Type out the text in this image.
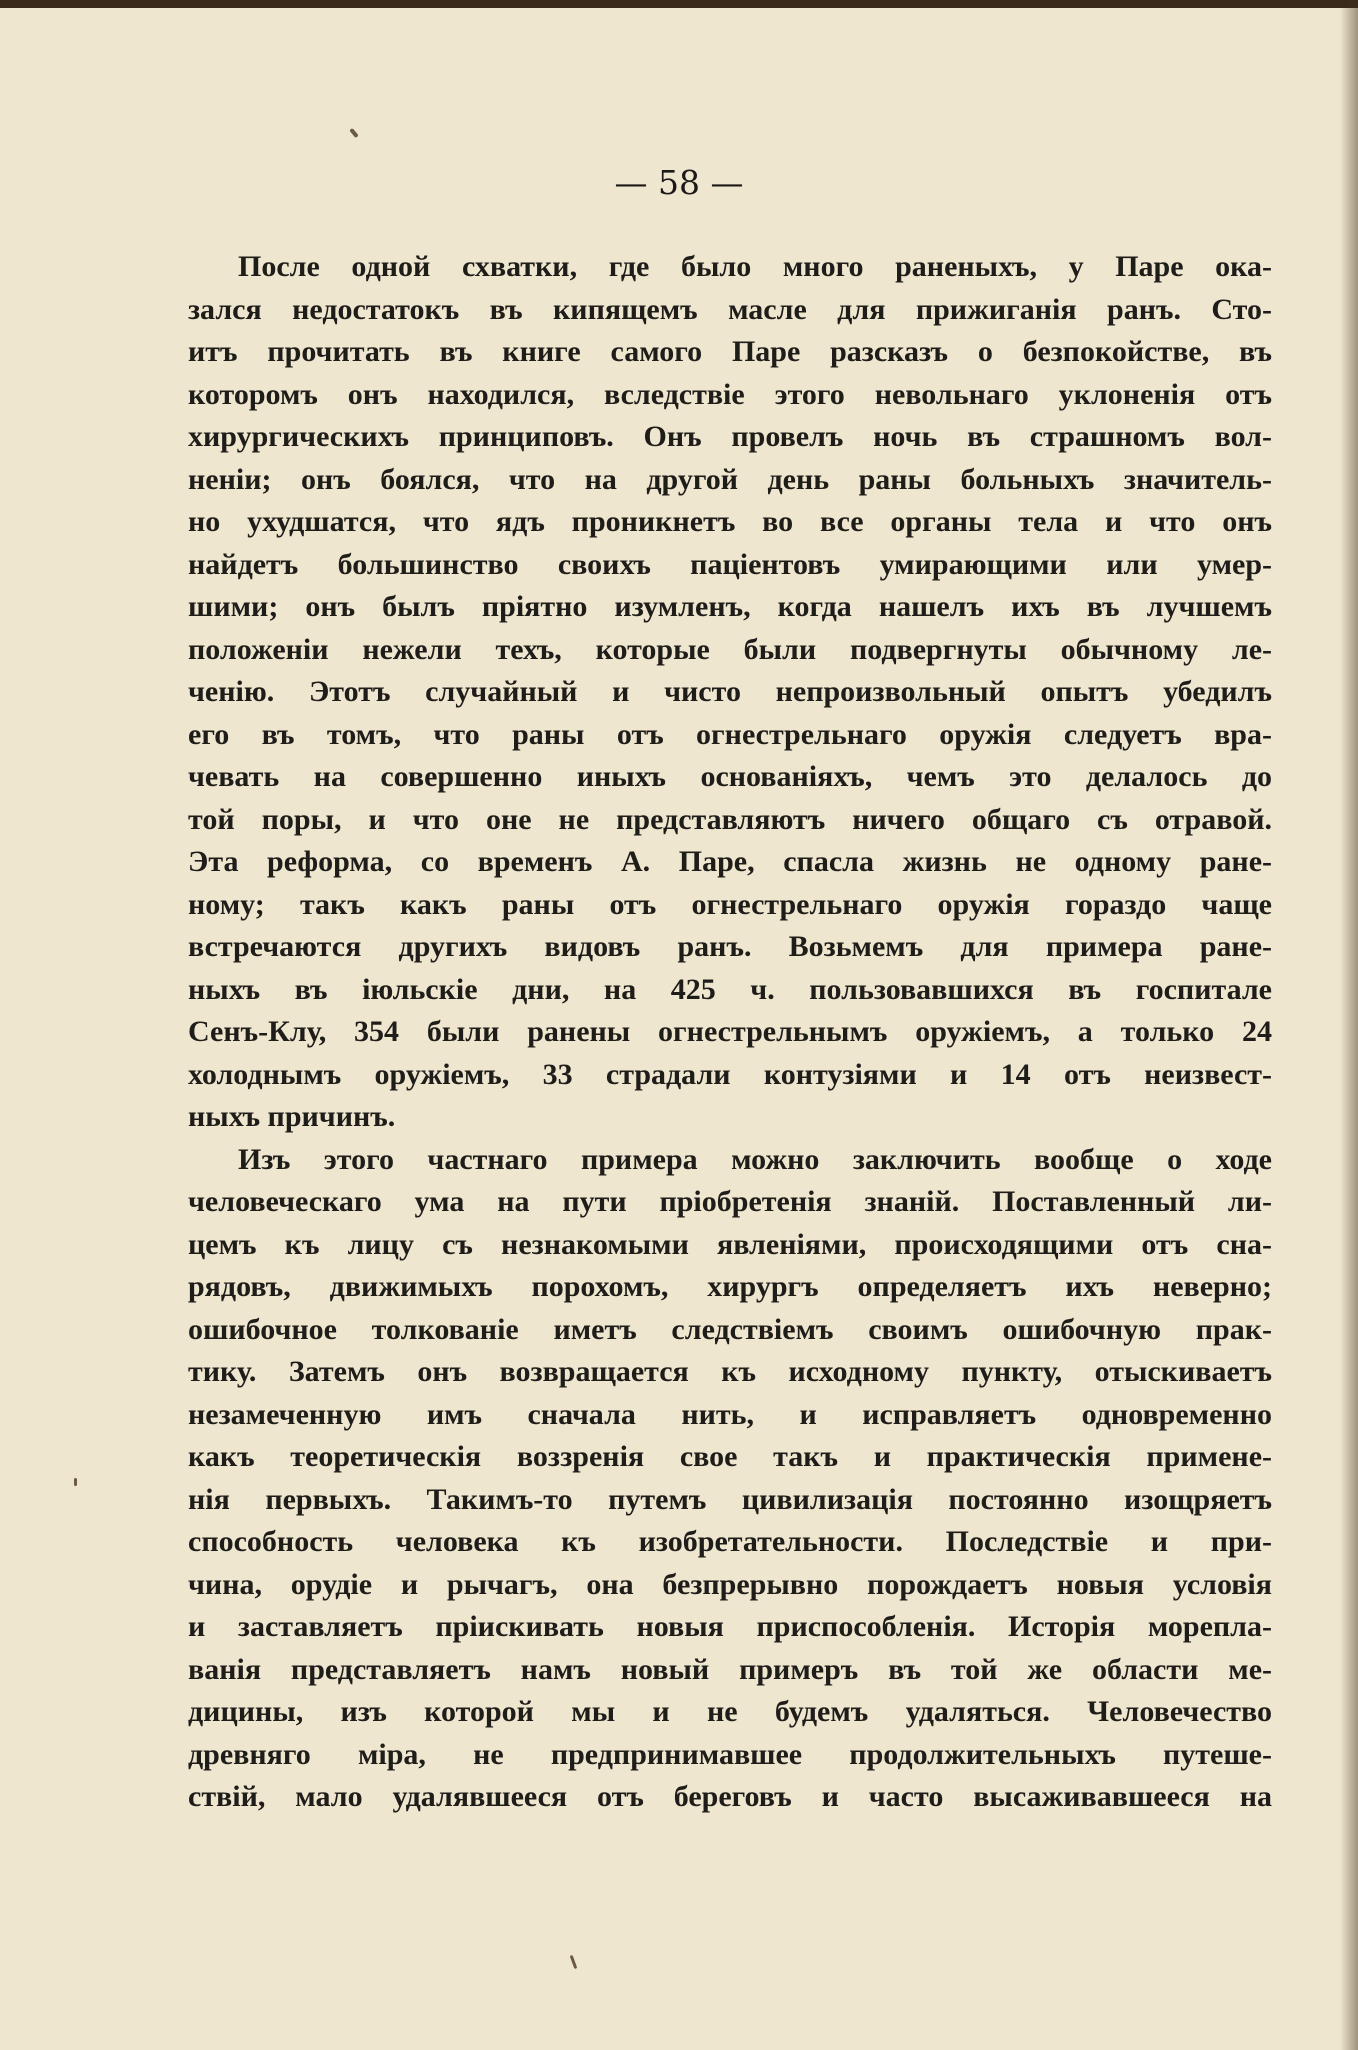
— 58 —
После одной схватки, где было много раненыхъ, у Паре ока-
зался недостатокъ въ кипящемъ масле для прижиганія ранъ. Сто-
итъ прочитать въ книге самого Паре разсказъ о безпокойстве, въ
которомъ онъ находился, вследствіе этого невольнаго уклоненія отъ
хирургическихъ принциповъ. Онъ провелъ ночь въ страшномъ вол-
неніи; онъ боялся, что на другой день раны больныхъ значитель-
но ухудшатся, что ядъ проникнетъ во все органы тела и что онъ
найдетъ большинство своихъ паціентовъ умирающими или умер-
шими; онъ былъ пріятно изумленъ, когда нашелъ ихъ въ лучшемъ
положеніи нежели техъ, которые были подвергнуты обычному ле-
ченію. Этотъ случайный и чисто непроизвольный опытъ убедилъ
его въ томъ, что раны отъ огнестрельнаго оружія следуетъ вра-
чевать на совершенно иныхъ основаніяхъ, чемъ это делалось до
той поры, и что оне не представляютъ ничего общаго съ отравой.
Эта реформа, со временъ А. Паре, спасла жизнь не одному ране-
ному; такъ какъ раны отъ огнестрельнаго оружія гораздо чаще
встречаются другихъ видовъ ранъ. Возьмемъ для примера ране-
ныхъ въ іюльскіе дни, на 425 ч. пользовавшихся въ госпитале
Сенъ-Клу, 354 были ранены огнестрельнымъ оружіемъ, а только 24
холоднымъ оружіемъ, 33 страдали контузіями и 14 отъ неизвест-
ныхъ причинъ.
Изъ этого частнаго примера можно заключить вообще о ходе
человеческаго ума на пути пріобретенія знаній. Поставленный ли-
цемъ къ лицу съ незнакомыми явленіями, происходящими отъ сна-
рядовъ, движимыхъ порохомъ, хирургъ определяетъ ихъ неверно;
ошибочное толкованіе иметъ следствіемъ своимъ ошибочную прак-
тику. Затемъ онъ возвращается къ исходному пункту, отыскиваетъ
незамеченную имъ сначала нить, и исправляетъ одновременно
какъ теоретическія воззренія свое такъ и практическія примене-
нія первыхъ. Такимъ-то путемъ цивилизація постоянно изощряетъ
способность человека къ изобретательности. Последствіе и при-
чина, орудіе и рычагъ, она безпрерывно порождаетъ новыя условія
и заставляетъ пріискивать новыя приспособленія. Исторія морепла-
ванія представляетъ намъ новый примеръ въ той же области ме-
дицины, изъ которой мы и не будемъ удаляться. Человечество
древняго міра, не предпринимавшее продолжительныхъ путеше-
ствій, мало удалявшееся отъ береговъ и часто высаживавшееся на
